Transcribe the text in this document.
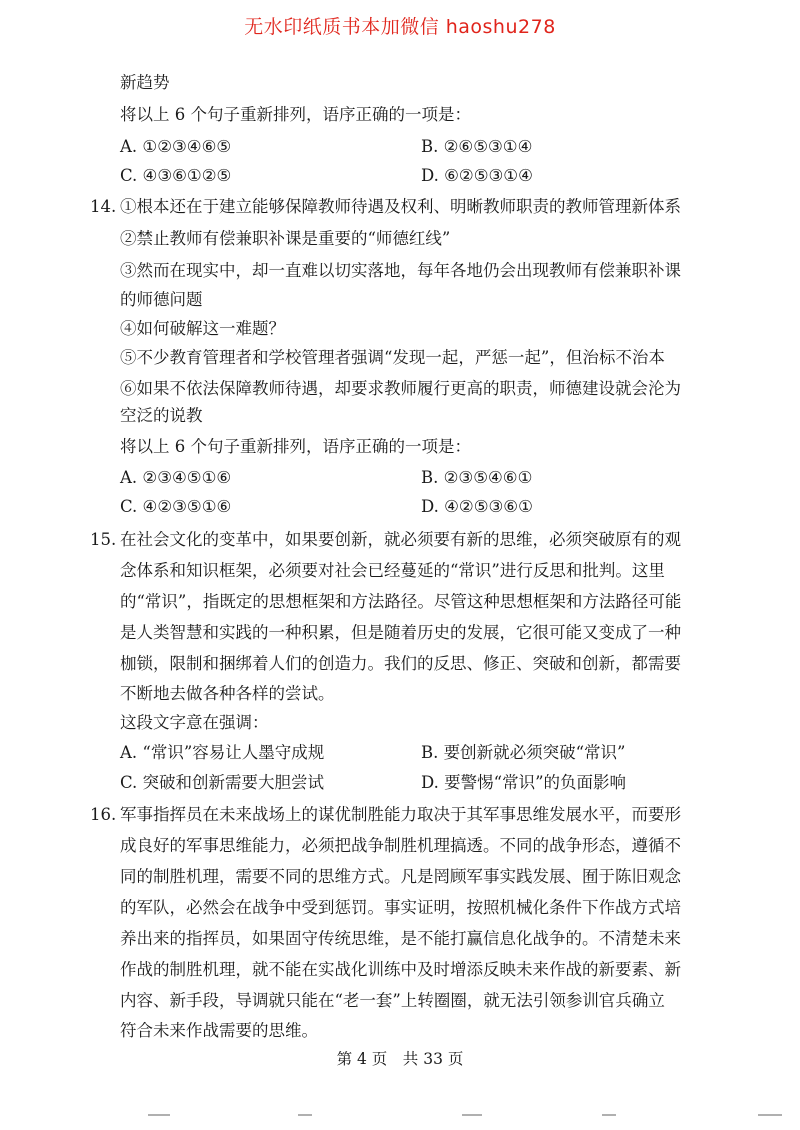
无水印纸质书本加微信 haoshu278
新趋势
将以上 6 个句子重新排列，语序正确的一项是：
A. ①②③④⑥⑤	B. ②⑥⑤③①④
C. ④③⑥①②⑤	D. ⑥②⑤③①④
14. ①根本还在于建立能够保障教师待遇及权利、明晰教师职责的教师管理新体系
②禁止教师有偿兼职补课是重要的“师德红线”
③然而在现实中，却一直难以切实落地，每年各地仍会出现教师有偿兼职补课
的师德问题
④如何破解这一难题？
⑤不少教育管理者和学校管理者强调“发现一起，严惩一起”，但治标不治本
⑥如果不依法保障教师待遇，却要求教师履行更高的职责，师德建设就会沦为
空泛的说教
将以上 6 个句子重新排列，语序正确的一项是：
A. ②③④⑤①⑥	B. ②③⑤④⑥①
C. ④②③⑤①⑥	D. ④②⑤③⑥①
15. 在社会文化的变革中，如果要创新，就必须要有新的思维，必须突破原有的观
念体系和知识框架，必须要对社会已经蔓延的“常识”进行反思和批判。这里
的“常识”，指既定的思想框架和方法路径。尽管这种思想框架和方法路径可能
是人类智慧和实践的一种积累，但是随着历史的发展，它很可能又变成了一种
枷锁，限制和捆绑着人们的创造力。我们的反思、修正、突破和创新，都需要
不断地去做各种各样的尝试。
这段文字意在强调：
A. “常识”容易让人墨守成规	B. 要创新就必须突破“常识”
C. 突破和创新需要大胆尝试	D. 要警惕“常识”的负面影响
16. 军事指挥员在未来战场上的谋优制胜能力取决于其军事思维发展水平，而要形
成良好的军事思维能力，必须把战争制胜机理搞透。不同的战争形态，遵循不
同的制胜机理，需要不同的思维方式。凡是罔顾军事实践发展、囿于陈旧观念
的军队，必然会在战争中受到惩罚。事实证明，按照机械化条件下作战方式培
养出来的指挥员，如果固守传统思维，是不能打赢信息化战争的。不清楚未来
作战的制胜机理，就不能在实战化训练中及时增添反映未来作战的新要素、新
内容、新手段，导调就只能在“老一套”上转圈圈，就无法引领参训官兵确立
符合未来作战需要的思维。
第 4 页　共 33 页
